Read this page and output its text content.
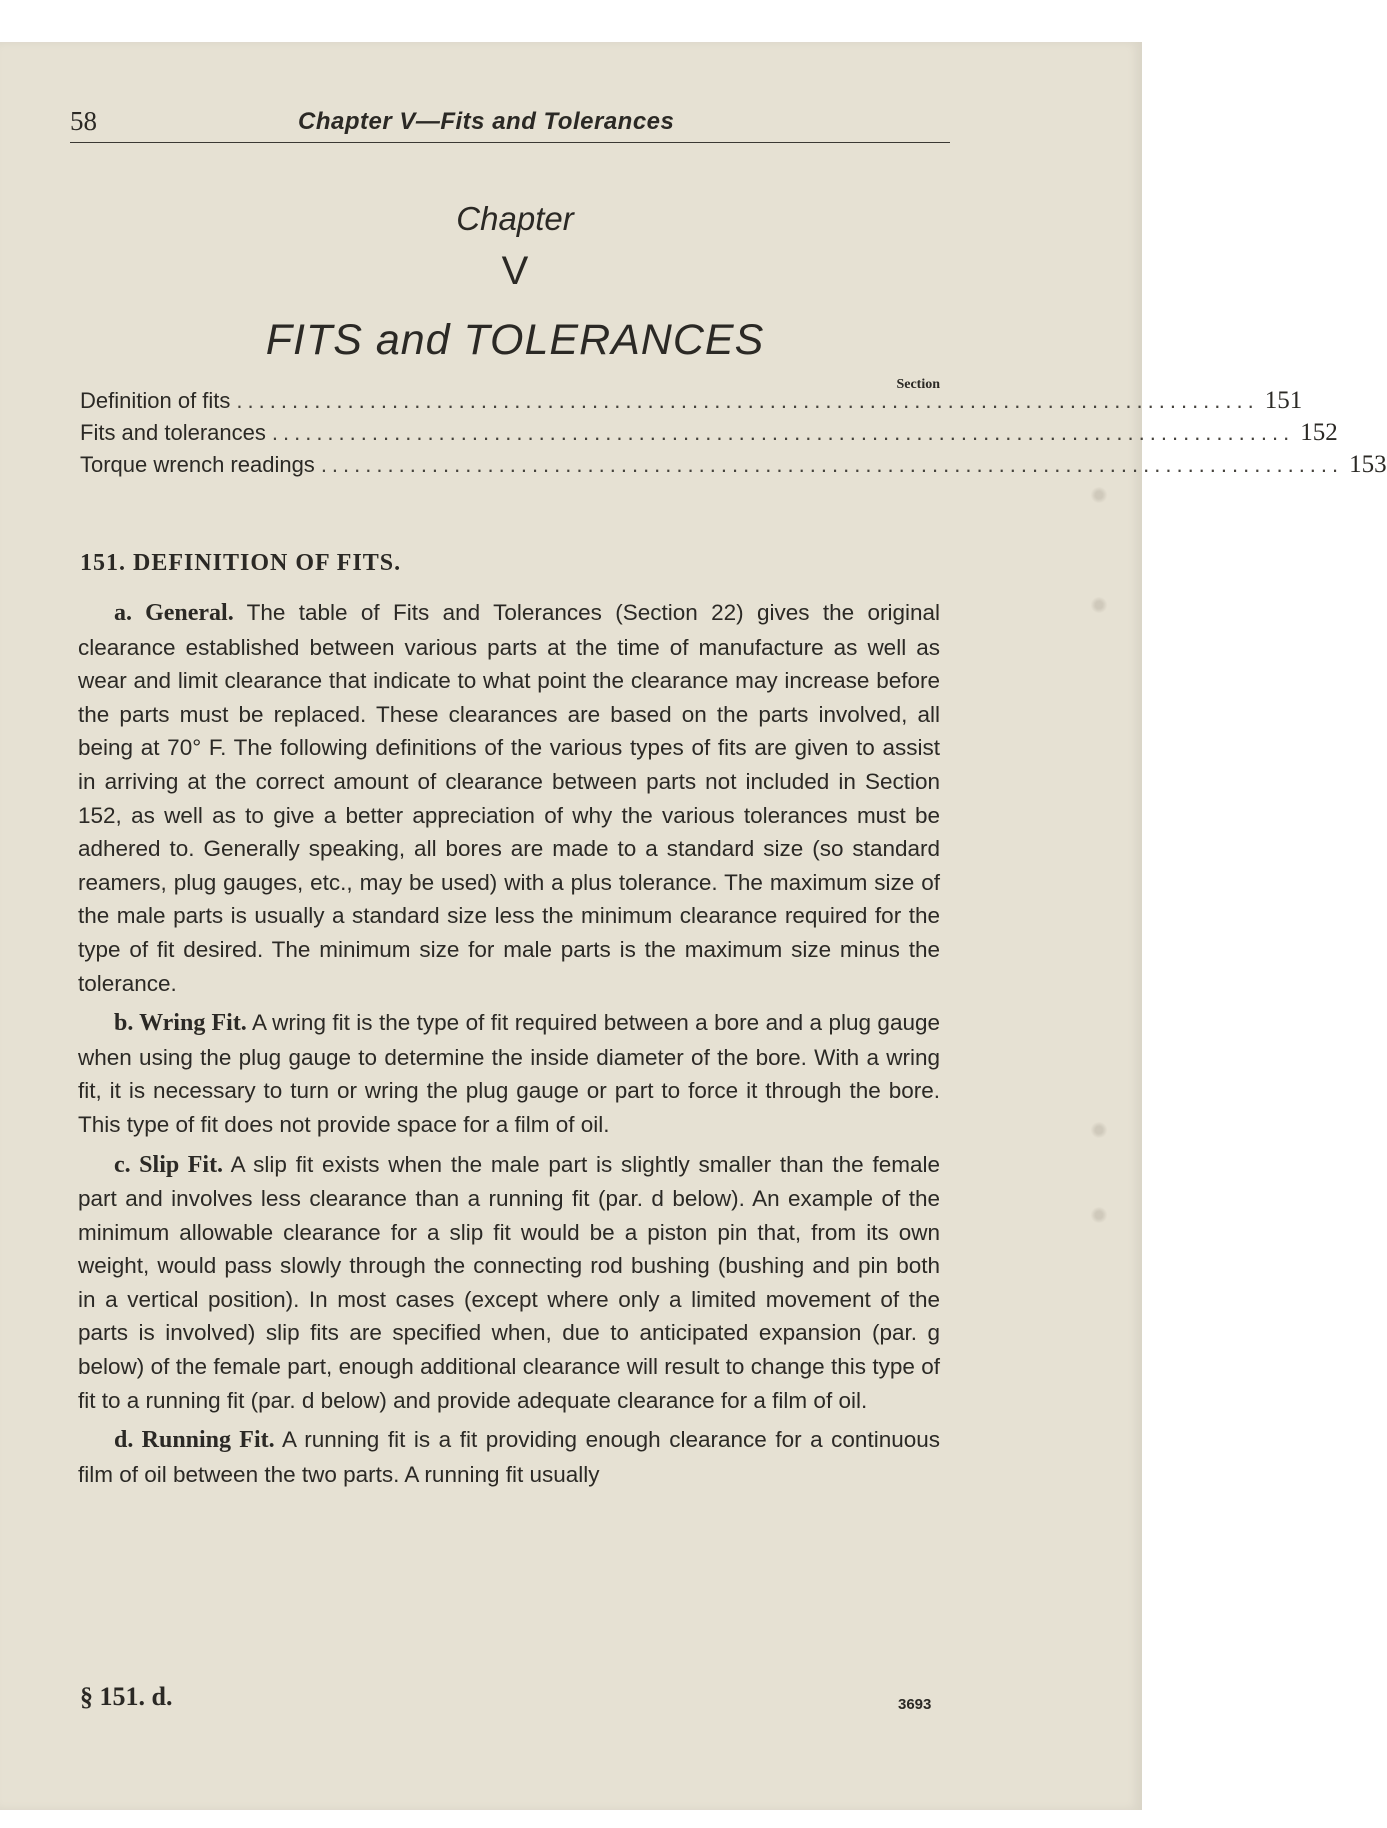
58	Chapter V—Fits and Tolerances
Chapter
V
FITS and TOLERANCES
Section
Definition of fits ............................................................................................ 151
Fits and tolerances ............................................................................................ 152
Torque wrench readings ............................................................................................ 153
151. DEFINITION OF FITS.

a. General. The table of Fits and Tolerances (Section 22) gives the original clearance established between various parts at the time of manufacture as well as wear and limit clearance that indicate to what point the clearance may increase before the parts must be replaced. These clearances are based on the parts involved, all being at 70° F. The following definitions of the various types of fits are given to assist in arriving at the correct amount of clearance between parts not included in Section 152, as well as to give a better appreciation of why the various tolerances must be adhered to. Generally speaking, all bores are made to a standard size (so standard reamers, plug gauges, etc., may be used) with a plus tolerance. The maximum size of the male parts is usually a standard size less the minimum clearance required for the type of fit desired. The minimum size for male parts is the maximum size minus the tolerance.

b. Wring Fit. A wring fit is the type of fit required between a bore and a plug gauge when using the plug gauge to determine the inside diameter of the bore. With a wring fit, it is necessary to turn or wring the plug gauge or part to force it through the bore. This type of fit does not provide space for a film of oil.

c. Slip Fit. A slip fit exists when the male part is slightly smaller than the female part and involves less clearance than a running fit (par. d below). An example of the minimum allowable clearance for a slip fit would be a piston pin that, from its own weight, would pass slowly through the connecting rod bushing (bushing and pin both in a vertical position). In most cases (except where only a limited movement of the parts is involved) slip fits are specified when, due to anticipated expansion (par. g below) of the female part, enough additional clearance will result to change this type of fit to a running fit (par. d below) and provide adequate clearance for a film of oil.

d. Running Fit. A running fit is a fit providing enough clearance for a continuous film of oil between the two parts. A running fit usually

§ 151. d.	3693
